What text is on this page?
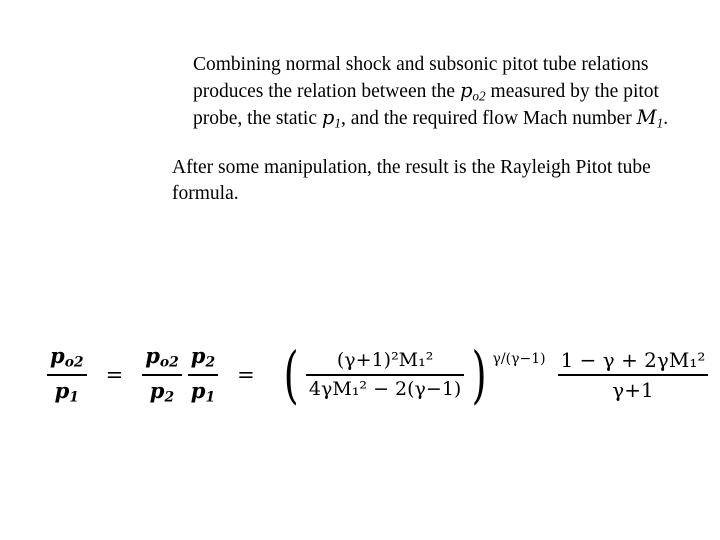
Combining normal shock and subsonic pitot tube relations produces the relation between the $p_{o2}$ measured by the pitot probe, the static $p_1$, and the required flow Mach number $M_1$.
After some manipulation, the result is the Rayleigh Pitot tube formula.
$\frac{p_{o2}}{p_1} = \frac{p_{o2}}{p_2} \frac{p_2}{p_1}$ = ( $\frac{\text{(γ+1)²M₁²}}{\text{4γM₁² − 2(γ−1)}}$ ) $\gamma/(\gamma-1) \frac{\text{1 − γ + 2γM₁²}}{\gamma+1}$
